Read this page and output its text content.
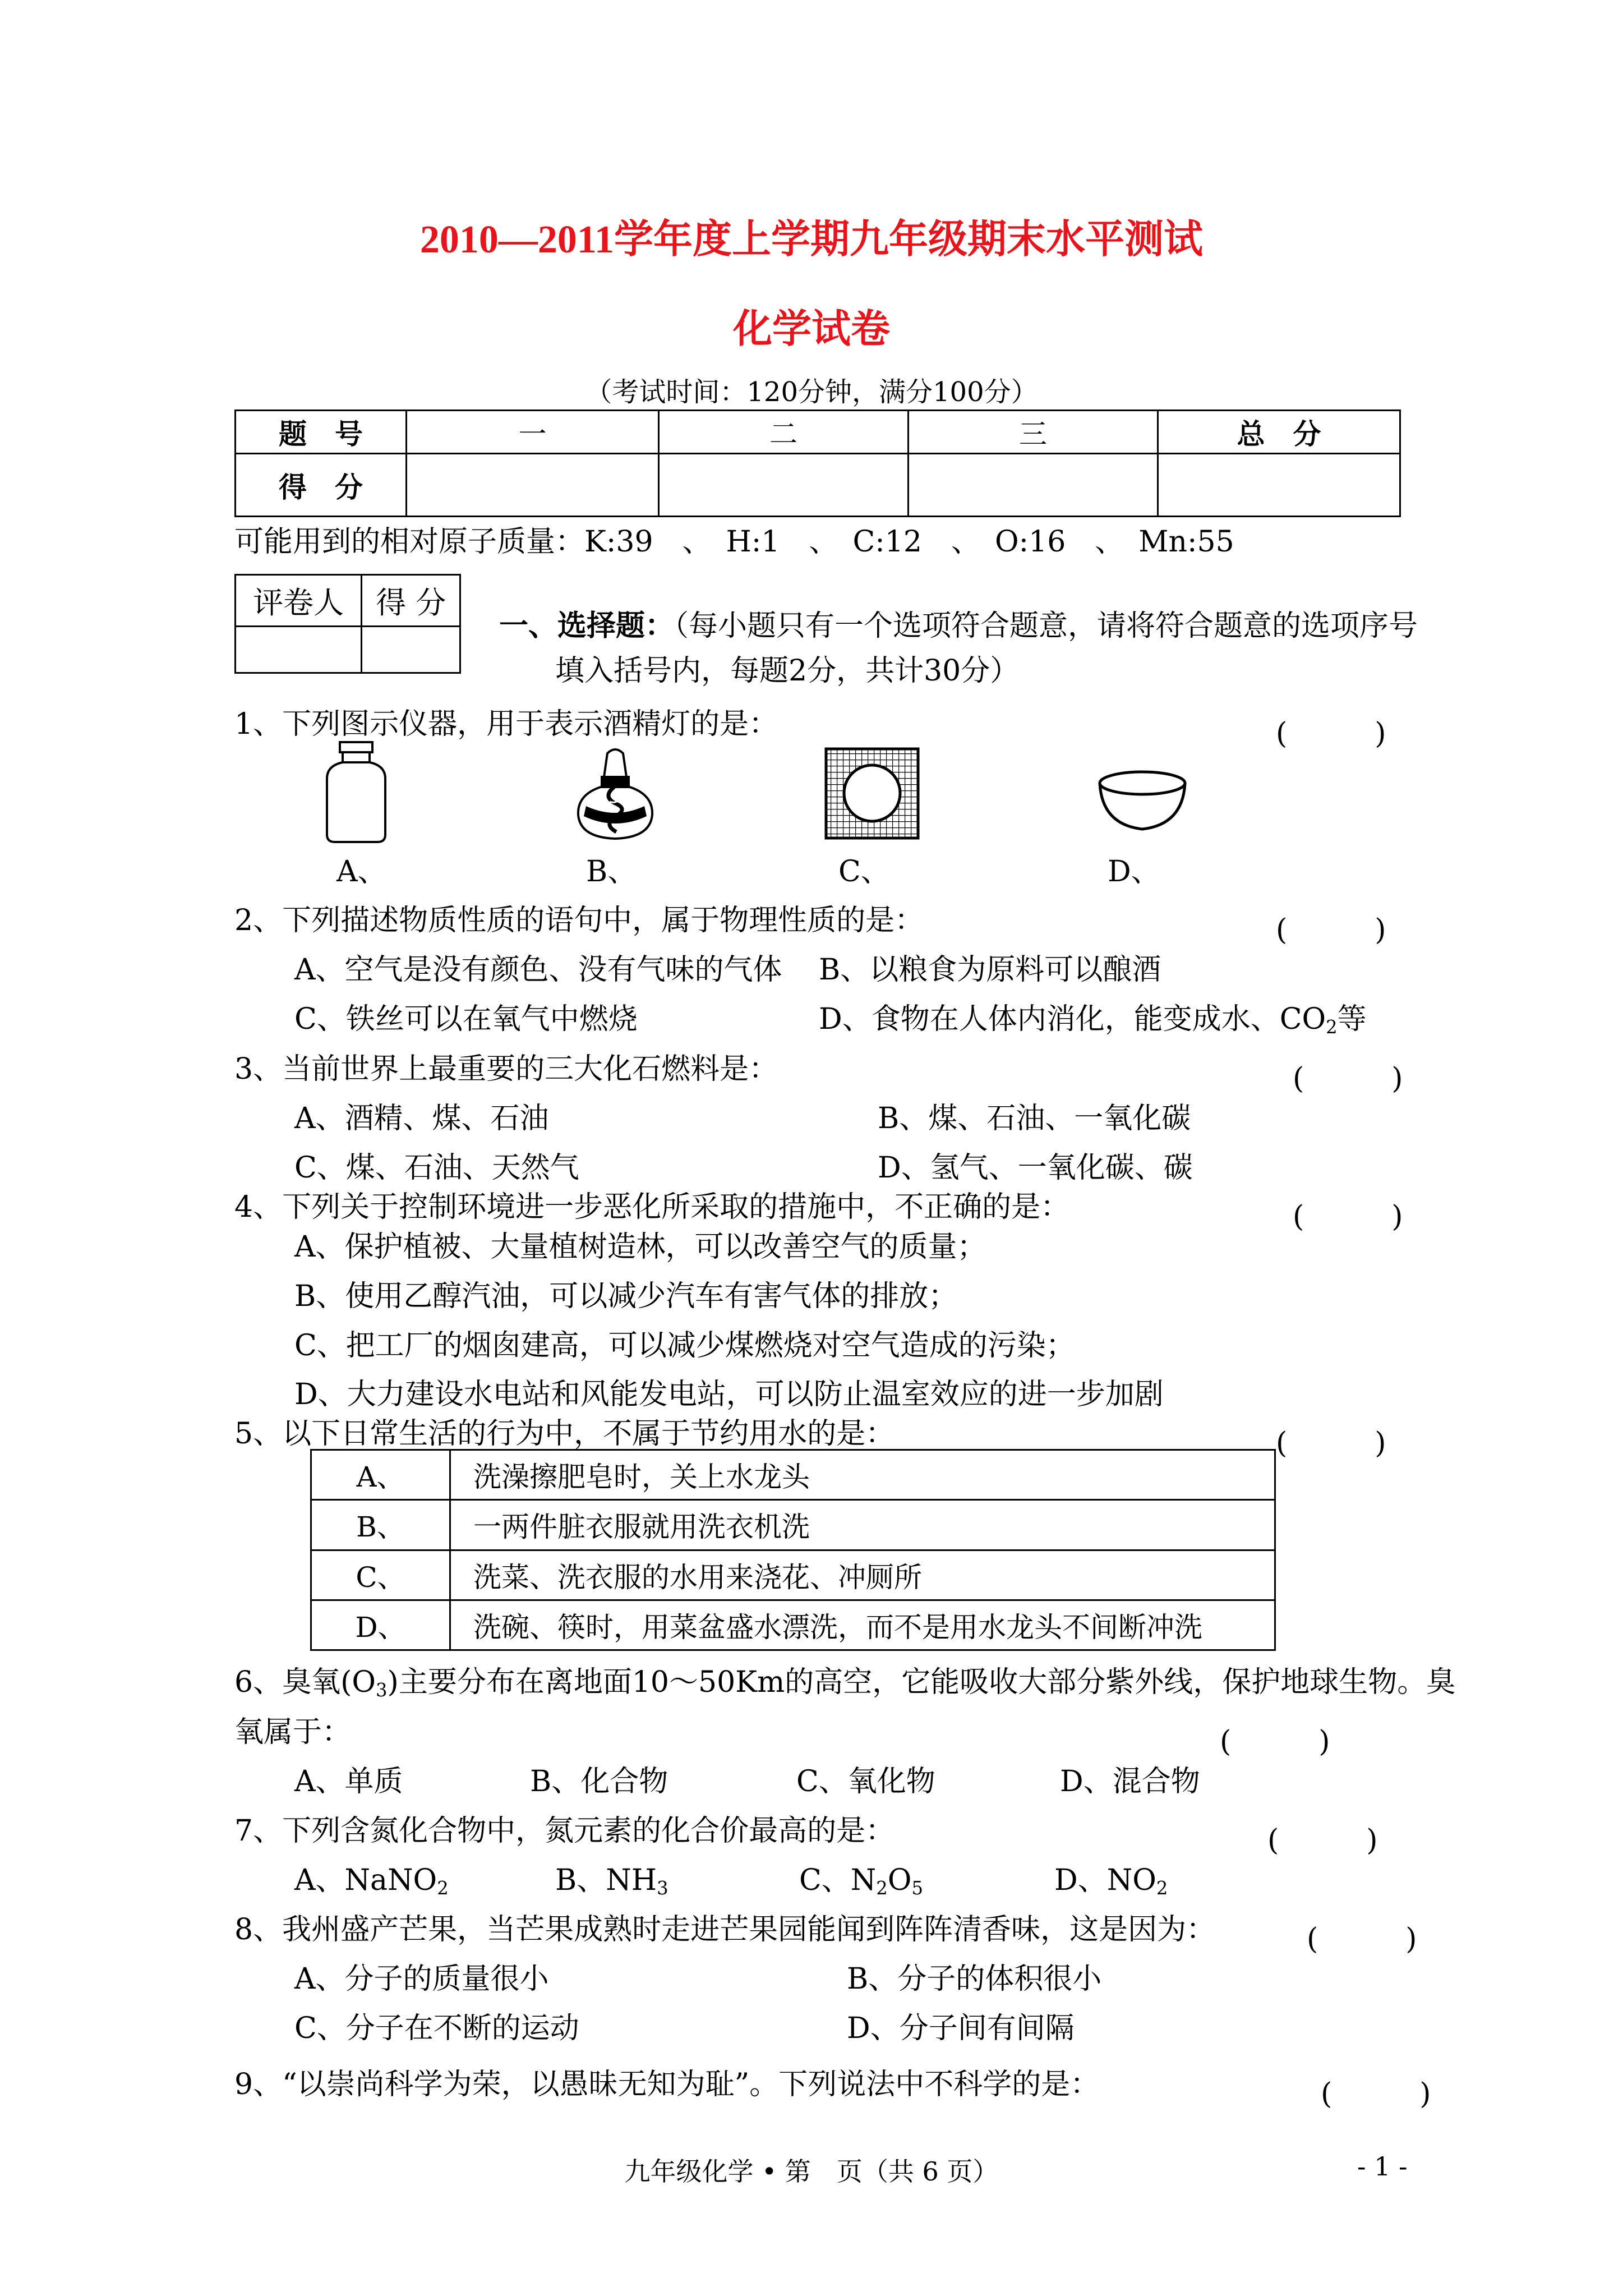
2010—2011学年度上学期九年级期末水平测试
化学试卷
（考试时间：120分钟，满分100分）
题　号	一	二	三	总　分
得　分				
可能用到的相对原子质量：K:39　、　H:1　、　C:12　、　O:16　、　Mn:55
评卷人	得 分

一、选择题：（每小题只有一个选项符合题意，请将符合题意的选项序号
填入括号内，每题2分，共计30分）
1、下列图示仪器，用于表示酒精灯的是：	(　　　)
A、	B、	C、	D、
2、下列描述物质性质的语句中，属于物理性质的是：	(　　　)
A、空气是没有颜色、没有气味的气体 B、以粮食为原料可以酿酒
C、铁丝可以在氧气中燃烧	D、食物在人体内消化，能变成水、$CO_2$等
3、当前世界上最重要的三大化石燃料是：	(　　　)
A、酒精、煤、石油	B、煤、石油、一氧化碳
C、煤、石油、天然气	D、氢气、一氧化碳、碳
4、下列关于控制环境进一步恶化所采取的措施中，不正确的是：	(　　　)
A、保护植被、大量植树造林，可以改善空气的质量；
B、使用乙醇汽油，可以减少汽车有害气体的排放；
C、把工厂的烟囱建高，可以减少煤燃烧对空气造成的污染；
D、大力建设水电站和风能发电站，可以防止温室效应的进一步加剧
5、以下日常生活的行为中，不属于节约用水的是：	(　　　)
A、	洗澡擦肥皂时，关上水龙头
B、	一两件脏衣服就用洗衣机洗
C、	洗菜、洗衣服的水用来浇花、冲厕所
D、	洗碗、筷时，用菜盆盛水漂洗，而不是用水龙头不间断冲洗
6、臭氧$(O_3)$主要分布在离地面10～50Km的高空，它能吸收大部分紫外线，保护地球生物。臭
氧属于：	(　　　)
A、单质	B、化合物	C、氧化物	D、混合物
7、下列含氮化合物中，氮元素的化合价最高的是：	(　　　)
A、NaNO$_2$	B、$NH_3$	C、$N_2O_5$	D、$NO_2$
8、我州盛产芒果，当芒果成熟时走进芒果园能闻到阵阵清香味，这是因为：	(　　　)
A、分子的质量很小	B、分子的体积很小
C、分子在不断的运动	D、分子间有间隔
9、“以崇尚科学为荣，以愚昧无知为耻”。下列说法中不科学的是：	(　　　)
九年级化学 • 第　页（共 6 页）	- 1 -
